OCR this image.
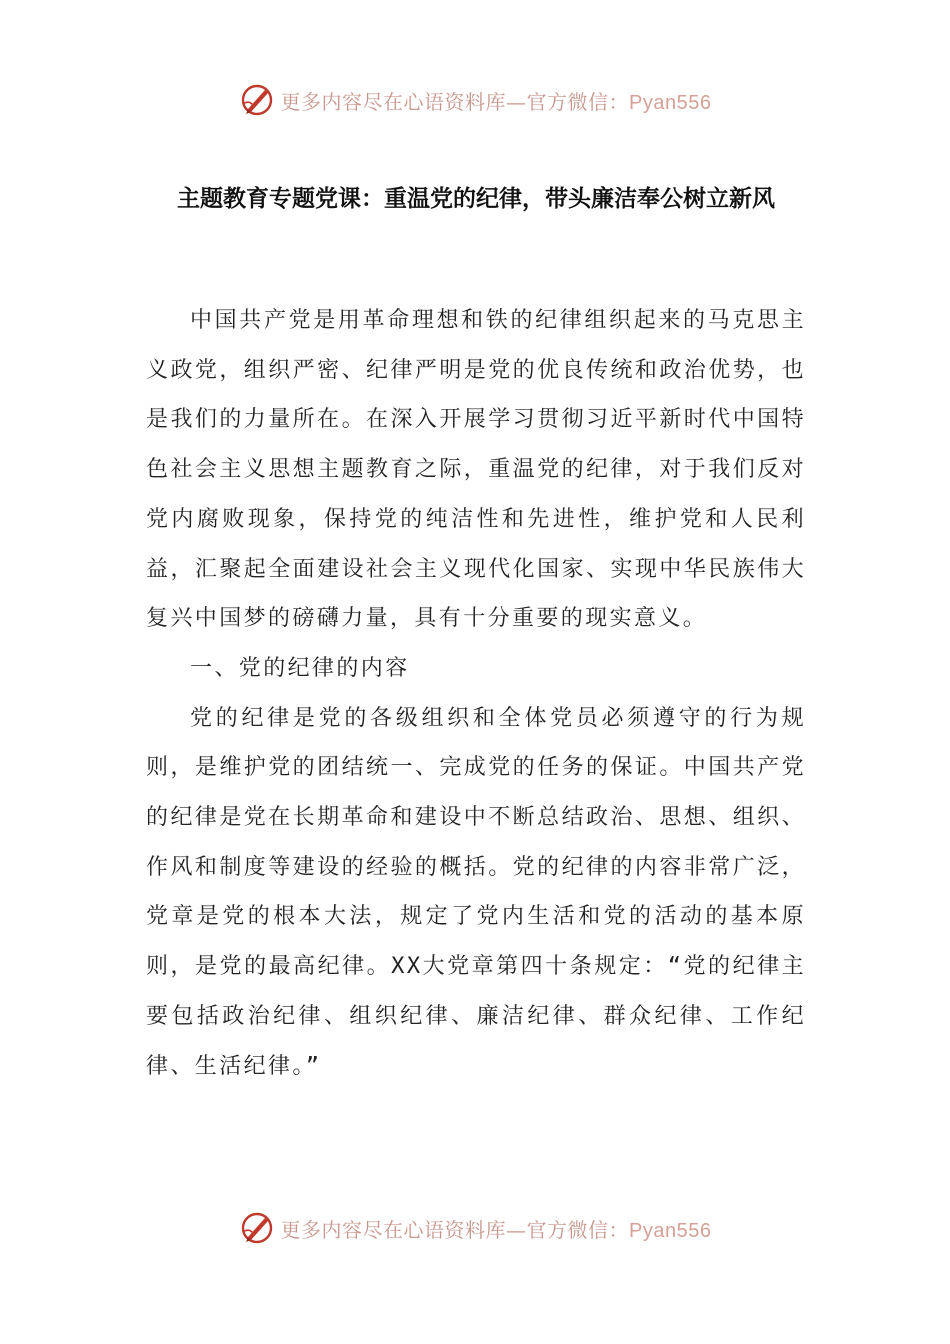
更多内容尽在心语资料库—官方微信：Pyan556
主题教育专题党课：重温党的纪律，带头廉洁奉公树立新风

中国共产党是用革命理想和铁的纪律组织起来的马克思主义政党，组织严密、纪律严明是党的优良传统和政治优势，也是我们的力量所在。在深入开展学习贯彻习近平新时代中国特色社会主义思想主题教育之际，重温党的纪律，对于我们反对党内腐败现象，保持党的纯洁性和先进性，维护党和人民利益，汇聚起全面建设社会主义现代化国家、实现中华民族伟大复兴中国梦的磅礴力量，具有十分重要的现实意义。

一、党的纪律的内容

党的纪律是党的各级组织和全体党员必须遵守的行为规则，是维护党的团结统一、完成党的任务的保证。中国共产党的纪律是党在长期革命和建设中不断总结政治、思想、组织、作风和制度等建设的经验的概括。党的纪律的内容非常广泛，党章是党的根本大法，规定了党内生活和党的活动的基本原则，是党的最高纪律。XX大党章第四十条规定：“党的纪律主要包括政治纪律、组织纪律、廉洁纪律、群众纪律、工作纪律、生活纪律。”

更多内容尽在心语资料库—官方微信：Pyan556
